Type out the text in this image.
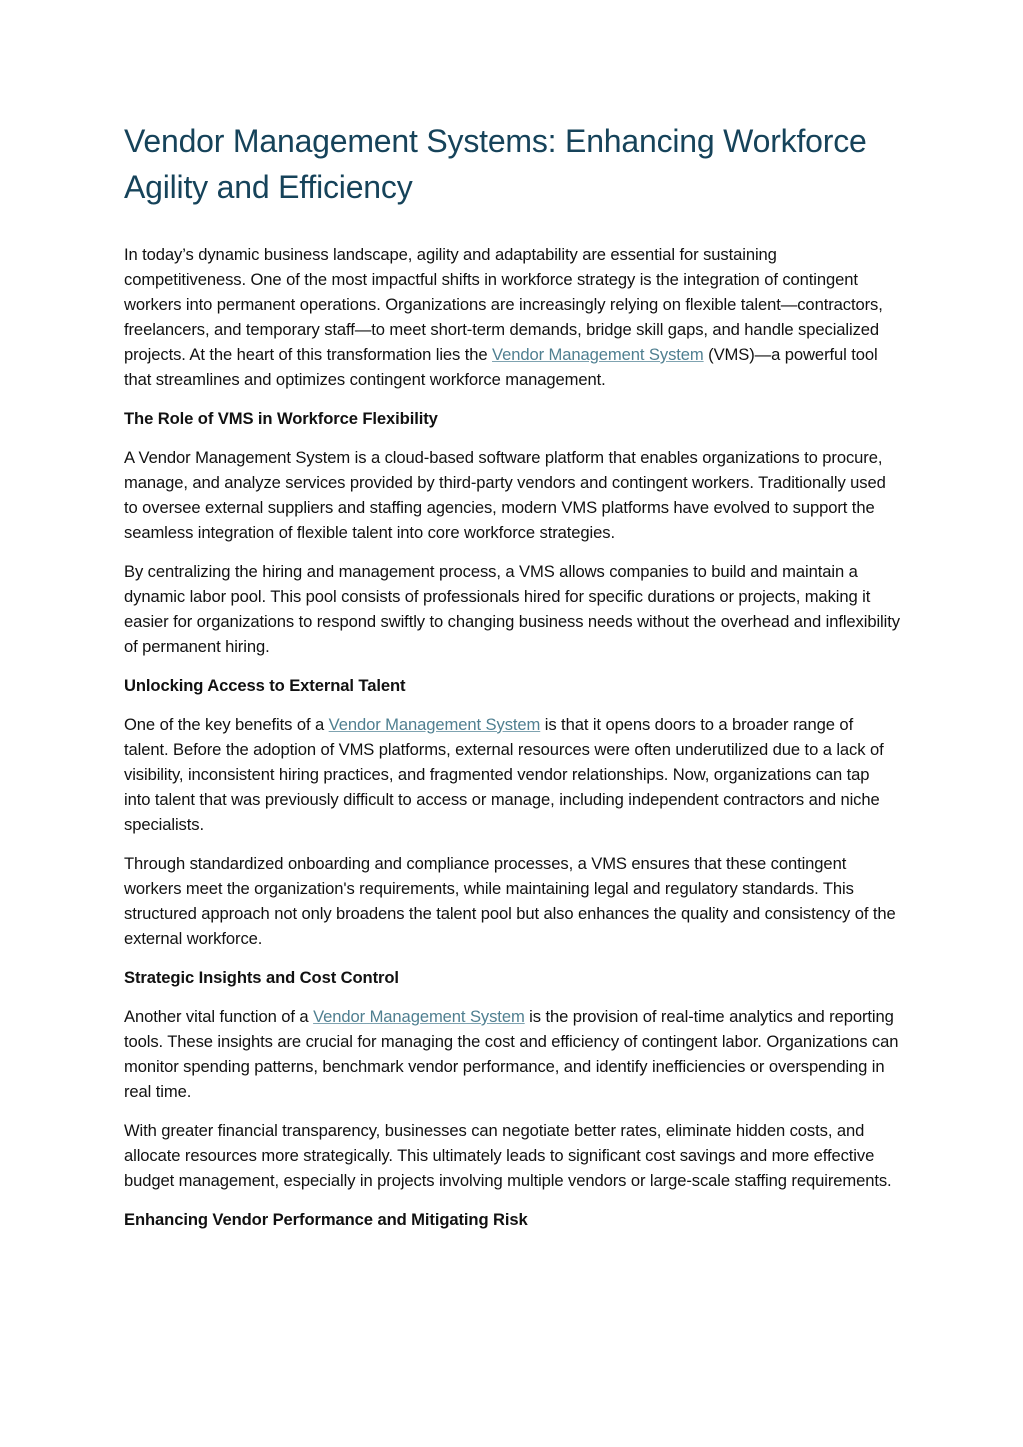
Vendor Management Systems: Enhancing Workforce Agility and Efficiency

In today’s dynamic business landscape, agility and adaptability are essential for sustaining competitiveness. One of the most impactful shifts in workforce strategy is the integration of contingent workers into permanent operations. Organizations are increasingly relying on flexible talent—contractors, freelancers, and temporary staff—to meet short-term demands, bridge skill gaps, and handle specialized projects. At the heart of this transformation lies the Vendor Management System (VMS)—a powerful tool that streamlines and optimizes contingent workforce management.

The Role of VMS in Workforce Flexibility

A Vendor Management System is a cloud-based software platform that enables organizations to procure, manage, and analyze services provided by third-party vendors and contingent workers. Traditionally used to oversee external suppliers and staffing agencies, modern VMS platforms have evolved to support the seamless integration of flexible talent into core workforce strategies.

By centralizing the hiring and management process, a VMS allows companies to build and maintain a dynamic labor pool. This pool consists of professionals hired for specific durations or projects, making it easier for organizations to respond swiftly to changing business needs without the overhead and inflexibility of permanent hiring.

Unlocking Access to External Talent

One of the key benefits of a Vendor Management System is that it opens doors to a broader range of talent. Before the adoption of VMS platforms, external resources were often underutilized due to a lack of visibility, inconsistent hiring practices, and fragmented vendor relationships. Now, organizations can tap into talent that was previously difficult to access or manage, including independent contractors and niche specialists.

Through standardized onboarding and compliance processes, a VMS ensures that these contingent workers meet the organization's requirements, while maintaining legal and regulatory standards. This structured approach not only broadens the talent pool but also enhances the quality and consistency of the external workforce.

Strategic Insights and Cost Control

Another vital function of a Vendor Management System is the provision of real-time analytics and reporting tools. These insights are crucial for managing the cost and efficiency of contingent labor. Organizations can monitor spending patterns, benchmark vendor performance, and identify inefficiencies or overspending in real time.

With greater financial transparency, businesses can negotiate better rates, eliminate hidden costs, and allocate resources more strategically. This ultimately leads to significant cost savings and more effective budget management, especially in projects involving multiple vendors or large-scale staffing requirements.

Enhancing Vendor Performance and Mitigating Risk
